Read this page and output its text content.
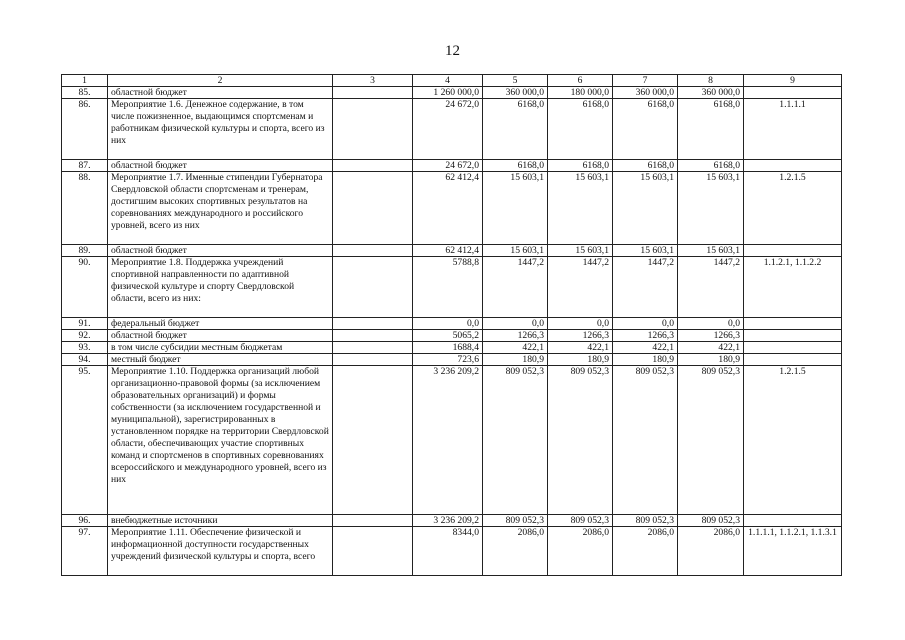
12
1	2	3	4	5	6	7	8	9
85.	областной бюджет		1 260 000,0	360 000,0	180 000,0	360 000,0	360 000,0	
86.	Мероприятие 1.6. Денежное содержание, в том числе пожизненное, выдающимся спортсменам и работникам физической культуры и спорта, всего из них		24 672,0	6168,0	6168,0	6168,0	6168,0	1.1.1.1
87.	областной бюджет		24 672,0	6168,0	6168,0	6168,0	6168,0	
88.	Мероприятие 1.7. Именные стипендии Губернатора Свердловской области спортсменам и тренерам, достигшим высоких спортивных результатов на соревнованиях международного и российского уровней, всего из них		62 412,4	15 603,1	15 603,1	15 603,1	15 603,1	1.2.1.5
89.	областной бюджет		62 412,4	15 603,1	15 603,1	15 603,1	15 603,1	
90.	Мероприятие 1.8. Поддержка учреждений спортивной направленности по адаптивной физической культуре и спорту Свердловской области, всего из них:		5788,8	1447,2	1447,2	1447,2	1447,2	1.1.2.1, 1.1.2.2
91.	федеральный бюджет		0,0	0,0	0,0	0,0	0,0	
92.	областной бюджет		5065,2	1266,3	1266,3	1266,3	1266,3	
93.	в том числе субсидии местным бюджетам		1688,4	422,1	422,1	422,1	422,1	
94.	местный бюджет		723,6	180,9	180,9	180,9	180,9	
95.	Мероприятие 1.10. Поддержка организаций любой организационно-правовой формы (за исключением образовательных организаций) и формы собственности (за исключением государственной и муниципальной), зарегистрированных в установленном порядке на территории Свердловской области, обеспечивающих участие спортивных команд и спортсменов в спортивных соревнованиях всероссийского и международного уровней, всего из них		3 236 209,2	809 052,3	809 052,3	809 052,3	809 052,3	1.2.1.5
96.	внебюджетные источники		3 236 209,2	809 052,3	809 052,3	809 052,3	809 052,3	
97.	Мероприятие 1.11. Обеспечение физической и информационной доступности государственных учреждений физической культуры и спорта, всего		8344,0	2086,0	2086,0	2086,0	2086,0	1.1.1.1, 1.1.2.1, 1.1.3.1
